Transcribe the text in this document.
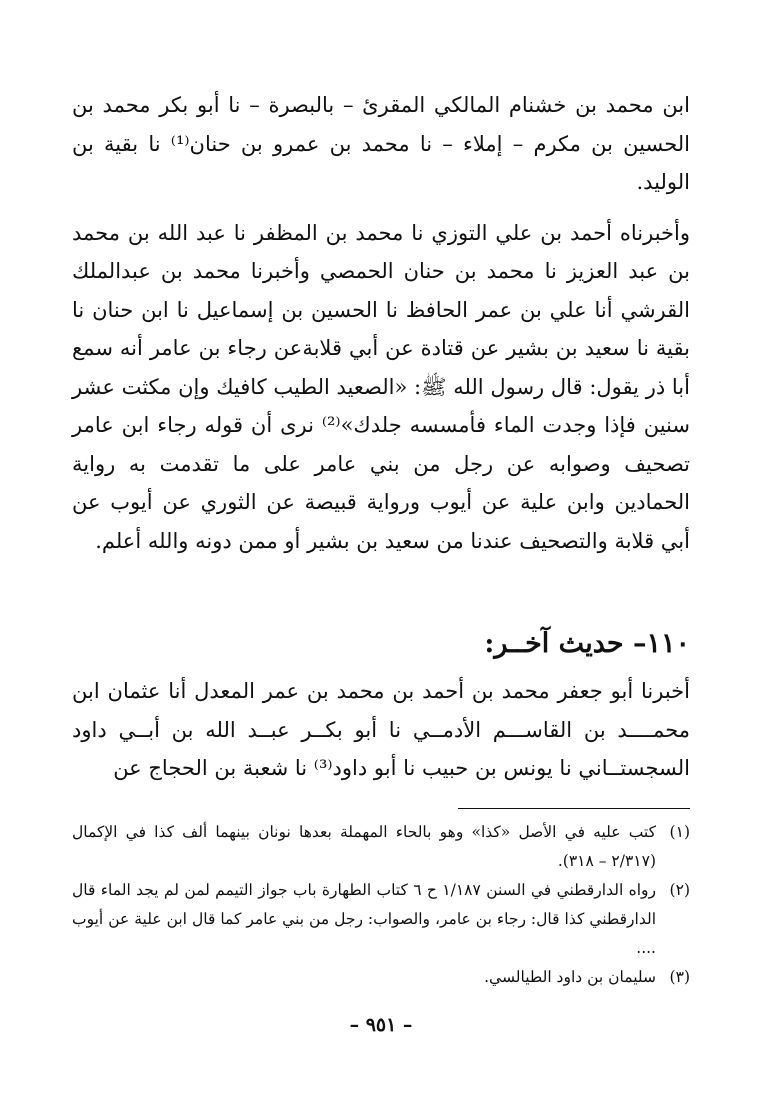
ابن محمد بن خشنام المالكي المقرئ – بالبصرة – نا أبو بكر محمد بن الحسين بن مكرم – إملاء – نا محمد بن عمرو بن حنان⁽¹⁾ نا بقية بن الوليد.

وأخبرناه أحمد بن علي التوزي نا محمد بن المظفر نا عبد الله بن محمد بن عبد العزيز نا محمد بن حنان الحمصي وأخبرنا محمد بن عبدالملك القرشي أنا علي بن عمر الحافظ نا الحسين بن إسماعيل نا ابن حنان نا بقية نا سعيد بن بشير عن قتادة عن أبي قلابةعن رجاء بن عامر أنه سمع أبا ذر يقول: قال رسول الله ﷺ: «الصعيد الطيب كافيك وإن مكثت عشر سنين فإذا وجدت الماء فأمسسه جلدك»⁽²⁾ نرى أن قوله رجاء ابن عامر تصحيف وصوابه عن رجل من بني عامر على ما تقدمت به رواية الحمادين وابن علية عن أيوب ورواية قبيصة عن الثوري عن أيوب عن أبي قلابة والتصحيف عندنا من سعيد بن بشير أو ممن دونه والله أعلم.

١١٠– حديث آخــر:

أخبرنا أبو جعفر محمد بن أحمد بن محمد بن عمر المعدل أنا عثمان ابن محمــــد بن القاســـم الأدمــي نا أبو بكــر عبــد الله بن أبــي داود السجستــاني نا يونس بن حبيب نا أبو داود⁽³⁾ نا شعبة بن الحجاج عن

(١)
كتب عليه في الأصل «كذا» وهو بالحاء المهملة بعدها نونان بينهما ألف كذا في الإكمال (٢/٣١٧ – ٣١٨).
(٢)
رواه الدارقطني في السنن ١/١٨٧ ح ٦ كتاب الطهارة باب جواز التيمم لمن لم يجد الماء قال الدارقطني كذا قال: رجاء بن عامر، والصواب: رجل من بني عامر كما قال ابن علية عن أيوب ....
(٣)
سليمان بن داود الطيالسي.
– ٩٥١ –
